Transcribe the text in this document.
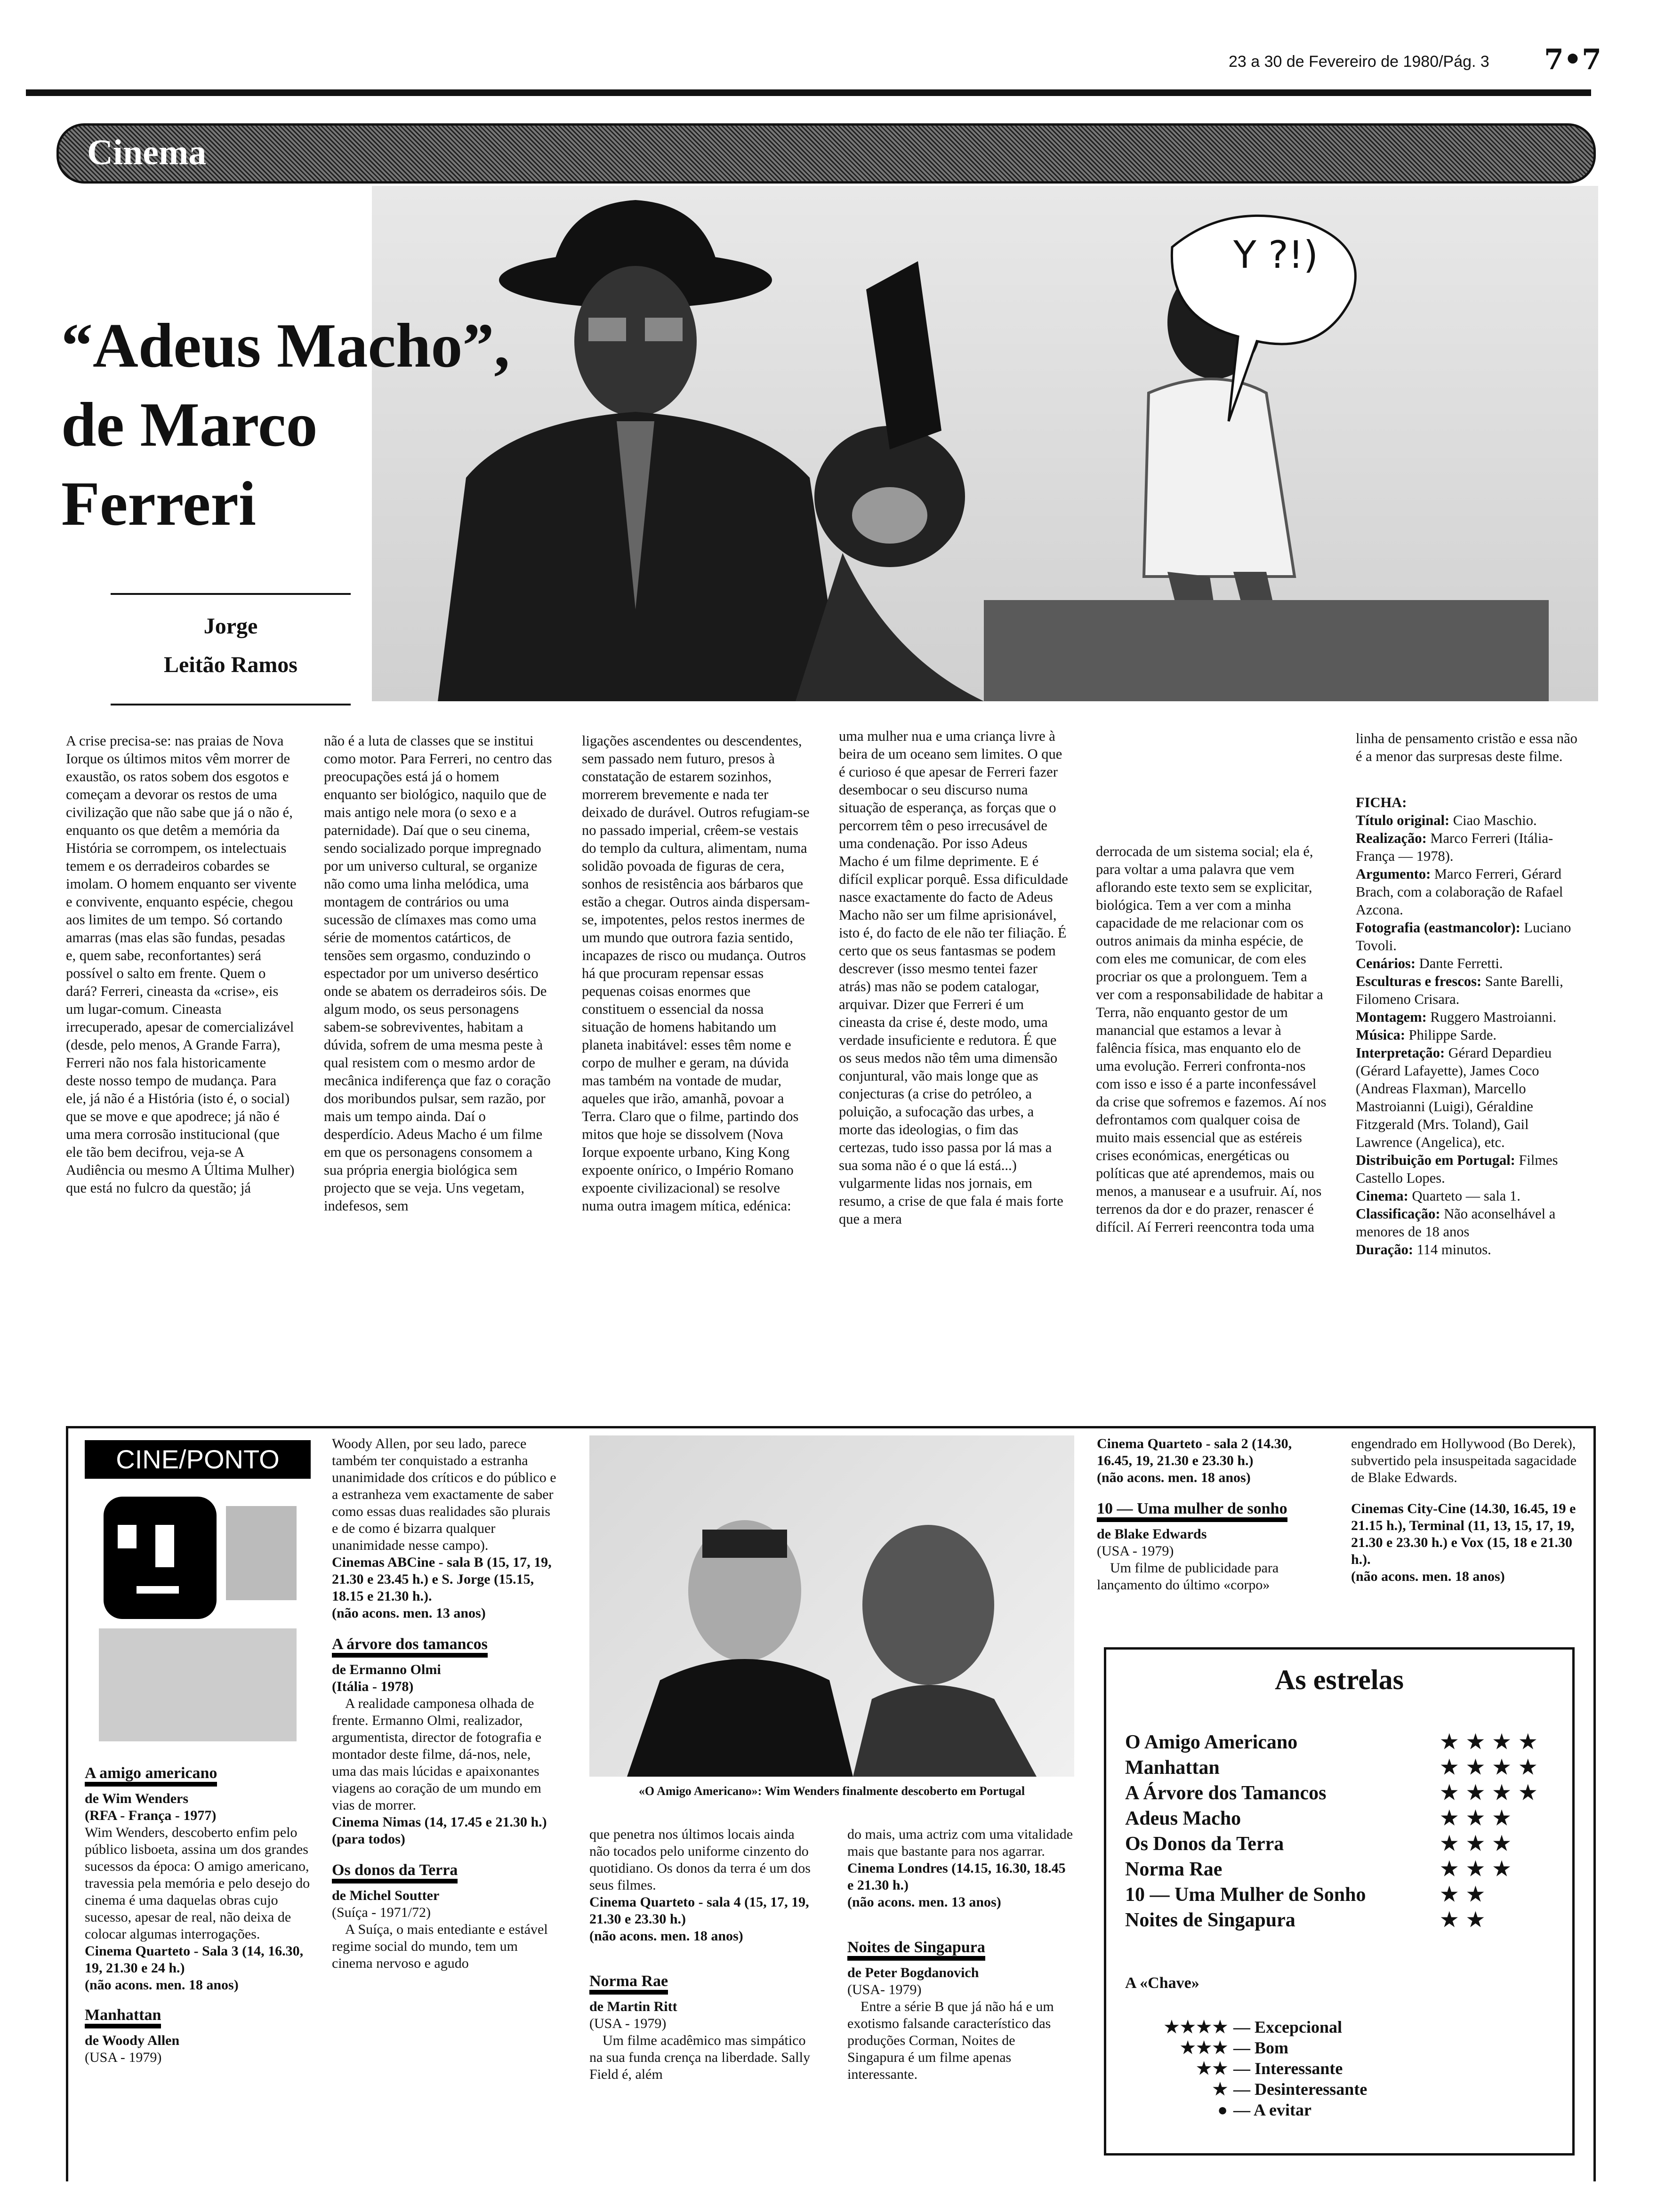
23 a 30 de Fevereiro de 1980/Pág. 3 7•7
Cinema
Y ?!)
“Adeus Macho”,
de Marco
Ferreri
Jorge
Leitão Ramos

A crise precisa-se: nas praias de Nova Iorque os últimos mitos vêm morrer de exaustão, os ratos sobem dos esgotos e começam a devorar os restos de uma civilização que não sabe que já o não é, enquanto os que detêm a memória da História se corrompem, os intelectuais temem e os derradeiros cobardes se imolam. O homem enquanto ser vivente e convivente, enquanto espécie, chegou aos limites de um tempo. Só cortando amarras (mas elas são fundas, pesadas e, quem sabe, reconfortantes) será possível o salto em frente. Quem o dará? Ferreri, cineasta da «crise», eis um lugar-comum. Cineasta irrecuperado, apesar de comercializável (desde, pelo menos, A Grande Farra), Ferreri não nos fala historicamente deste nosso tempo de mudança. Para ele, já não é a História (isto é, o social) que se move e que apodrece; já não é uma mera corrosão institucional (que ele tão bem decifrou, veja-se A Audiência ou mesmo A Última Mulher) que está no fulcro da questão; já

não é a luta de classes que se institui como motor. Para Ferreri, no centro das preocupações está já o homem enquanto ser biológico, naquilo que de mais antigo nele mora (o sexo e a paternidade). Daí que o seu cinema, sendo socializado porque impregnado por um universo cultural, se organize não como uma linha melódica, uma montagem de contrários ou uma sucessão de clímaxes mas como uma série de momentos catárticos, de tensões sem orgasmo, conduzindo o espectador por um universo desértico onde se abatem os derradeiros sóis. De algum modo, os seus personagens sabem-se sobreviventes, habitam a dúvida, sofrem de uma mesma peste à qual resistem com o mesmo ardor de mecânica indiferença que faz o coração dos moribundos pulsar, sem razão, por mais um tempo ainda. Daí o desperdício. Adeus Macho é um filme em que os personagens consomem a sua própria energia biológica sem projecto que se veja. Uns vegetam, indefesos, sem

ligações ascendentes ou descendentes, sem passado nem futuro, presos à constatação de estarem sozinhos, morrerem brevemente e nada ter deixado de durável. Outros refugiam-se no passado imperial, crêem-se vestais do templo da cultura, alimentam, numa solidão povoada de figuras de cera, sonhos de resistência aos bárbaros que estão a chegar. Outros ainda dispersam-se, impotentes, pelos restos inermes de um mundo que outrora fazia sentido, incapazes de risco ou mudança. Outros há que procuram repensar essas pequenas coisas enormes que constituem o essencial da nossa situação de homens habitando um planeta inabitável: esses têm nome e corpo de mulher e geram, na dúvida mas também na vontade de mudar, aqueles que irão, amanhã, povoar a Terra. Claro que o filme, partindo dos mitos que hoje se dissolvem (Nova Iorque expoente urbano, King Kong expoente onírico, o Império Romano expoente civilizacional) se resolve numa outra imagem mítica, edénica:

uma mulher nua e uma criança livre à beira de um oceano sem limites. O que é curioso é que apesar de Ferreri fazer desembocar o seu discurso numa situação de esperança, as forças que o percorrem têm o peso irrecusável de uma condenação. Por isso Adeus Macho é um filme deprimente. E é difícil explicar porquê. Essa dificuldade nasce exactamente do facto de Adeus Macho não ser um filme aprisionável, isto é, do facto de ele não ter filiação. É certo que os seus fantasmas se podem descrever (isso mesmo tentei fazer atrás) mas não se podem catalogar, arquivar. Dizer que Ferreri é um cineasta da crise é, deste modo, uma verdade insuficiente e redutora. É que os seus medos não têm uma dimensão conjuntural, vão mais longe que as conjecturas (a crise do petróleo, a poluição, a sufocação das urbes, a morte das ideologias, o fim das certezas, tudo isso passa por lá mas a sua soma não é o que lá está...) vulgarmente lidas nos jornais, em resumo, a crise de que fala é mais forte que a mera

derrocada de um sistema social; ela é, para voltar a uma palavra que vem aflorando este texto sem se explicitar, biológica. Tem a ver com a minha capacidade de me relacionar com os outros animais da minha espécie, de com eles me comunicar, de com eles procriar os que a prolonguem. Tem a ver com a responsabilidade de habitar a Terra, não enquanto gestor de um manancial que estamos a levar à falência física, mas enquanto elo de uma evolução. Ferreri confronta-nos com isso e isso é a parte inconfessável da crise que sofremos e fazemos. Aí nos defrontamos com qualquer coisa de muito mais essencial que as estéreis crises económicas, energéticas ou políticas que até aprendemos, mais ou menos, a manusear e a usufruir. Aí, nos terrenos da dor e do prazer, renascer é difícil. Aí Ferreri reencontra toda uma

linha de pensamento cristão e essa não é a menor das surpresas deste filme.

FICHA:
Título original: Ciao Maschio.
Realização: Marco Ferreri (Itália-França — 1978).
Argumento: Marco Ferreri, Gérard Brach, com a colaboração de Rafael Azcona.
Fotografia (eastmancolor): Luciano Tovoli.
Cenários: Dante Ferretti.
Esculturas e frescos: Sante Barelli, Filomeno Crisara.
Montagem: Ruggero Mastroianni.
Música: Philippe Sarde.
Interpretação: Gérard Depardieu (Gérard Lafayette), James Coco (Andreas Flaxman), Marcello Mastroianni (Luigi), Géraldine Fitzgerald (Mrs. Toland), Gail Lawrence (Angelica), etc.
Distribuição em Portugal: Filmes Castello Lopes.
Cinema: Quarteto — sala 1.
Classificação: Não aconselhável a menores de 18 anos
Duração: 114 minutos.
CINE/PONTO
A amigo americano
de Wim Wenders
(RFA - França - 1977)
Wim Wenders, descoberto enfim pelo público lisboeta, assina um dos grandes sucessos da época: O amigo americano, travessia pela memória e pelo desejo do cinema é uma daquelas obras cujo sucesso, apesar de real, não deixa de colocar algumas interrogações.
Cinema Quarteto - Sala 3 (14, 16.30, 19, 21.30 e 24 h.)
(não acons. men. 18 anos)
Manhattan
de Woody Allen
(USA - 1979)
Woody Allen, por seu lado, parece também ter conquistado a estranha unanimidade dos críticos e do público e a estranheza vem exactamente de saber como essas duas realidades são plurais e de como é bizarra qualquer unanimidade nesse campo).
Cinemas ABCine - sala B (15, 17, 19, 21.30 e 23.45 h.) e S. Jorge (15.15, 18.15 e 21.30 h.).
(não acons. men. 13 anos)
A árvore dos tamancos
de Ermanno Olmi
(Itália - 1978)
A realidade camponesa olhada de frente. Ermanno Olmi, realizador, argumentista, director de fotografia e montador deste filme, dá-nos, nele, uma das mais lúcidas e apaixonantes viagens ao coração de um mundo em vias de morrer.
Cinema Nimas (14, 17.45 e 21.30 h.)
(para todos)
Os donos da Terra
de Michel Soutter
(Suíça - 1971/72)
A Suíça, o mais entediante e estável regime social do mundo, tem um cinema nervoso e agudo
«O Amigo Americano»: Wim Wenders finalmente descoberto em Portugal
que penetra nos últimos locais ainda não tocados pelo uniforme cinzento do quotidiano. Os donos da terra é um dos seus filmes.
Cinema Quarteto - sala 4 (15, 17, 19, 21.30 e 23.30 h.)
(não acons. men. 18 anos)
Norma Rae
de Martin Ritt
(USA - 1979)
Um filme acadêmico mas simpático na sua funda crença na liberdade. Sally Field é, além
do mais, uma actriz com uma vitalidade mais que bastante para nos agarrar.
Cinema Londres (14.15, 16.30, 18.45 e 21.30 h.)
(não acons. men. 13 anos)
Noites de Singapura
de Peter Bogdanovich
(USA- 1979)
Entre a série B que já não há e um exotismo falsande característico das produções Corman, Noites de Singapura é um filme apenas interessante.
Cinema Quarteto - sala 2 (14.30, 16.45, 19, 21.30 e 23.30 h.)
(não acons. men. 18 anos)
10 — Uma mulher de sonho
de Blake Edwards
(USA - 1979)
Um filme de publicidade para lançamento do último «corpo»
engendrado em Hollywood (Bo Derek), subvertido pela insuspeitada sagacidade de Blake Edwards.
Cinemas City-Cine (14.30, 16.45, 19 e 21.15 h.), Terminal (11, 13, 15, 17, 19, 21.30 e 23.30 h.) e Vox (15, 18 e 21.30 h.).
(não acons. men. 18 anos)
As estrelas
O Amigo Americano	★★★★
Manhattan	★★★★
A Árvore dos Tamancos	★★★★
Adeus Macho	★★★
Os Donos da Terra	★★★
Norma Rae	★★★
10 — Uma Mulher de Sonho	★★
Noites de Singapura	★★
A «Chave»
★★★★ — Excepcional
★★★ — Bom
★★ — Interessante
★ — Desinteressante
● — A evitar
